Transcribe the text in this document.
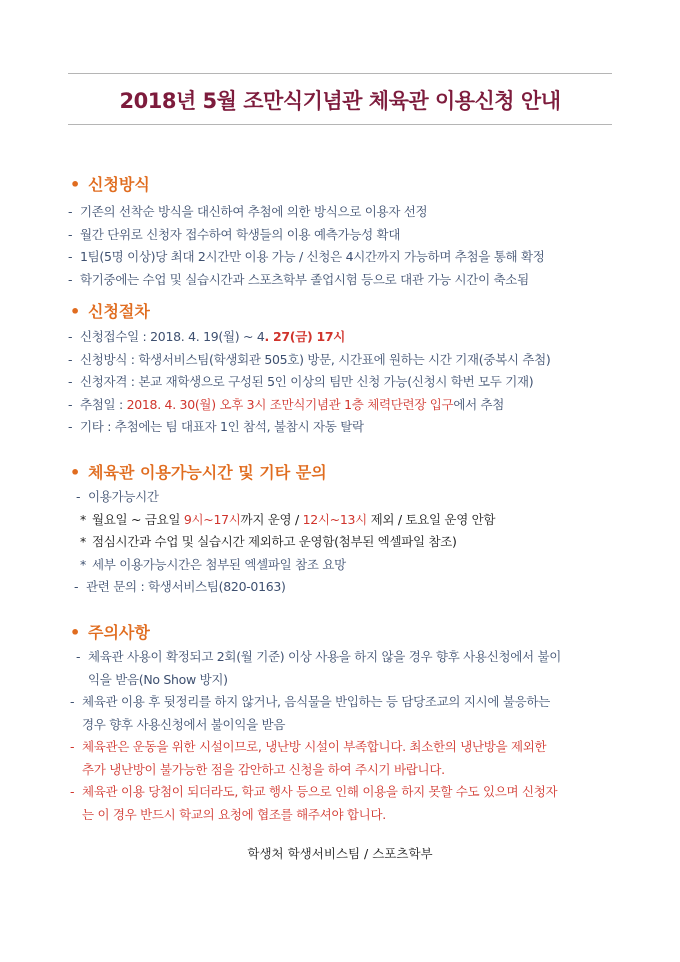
2018년 5월 조만식기념관 체육관 이용신청 안내
• 신청방식
- 기존의 선착순 방식을 대신하여 추첨에 의한 방식으로 이용자 선정
- 월간 단위로 신청자 접수하여 학생들의 이용 예측가능성 확대
- 1팀(5명 이상)당 최대 2시간만 이용 가능 / 신청은 4시간까지 가능하며 추첨을 통해 확정
- 학기중에는 수업 및 실습시간과 스포츠학부 졸업시험 등으로 대관 가능 시간이 축소됨
• 신청절차
- 신청접수일 : 2018. 4. 19(월) ~ 4. 27(금) 17시
- 신청방식 : 학생서비스팀(학생회관 505호) 방문, 시간표에 원하는 시간 기재(중복시 추첨)
- 신청자격 : 본교 재학생으로 구성된 5인 이상의 팀만 신청 가능(신청시 학번 모두 기재)
- 추첨일 : 2018. 4. 30(월) 오후 3시 조만식기념관 1층 체력단련장 입구에서 추첨
- 기타 : 추첨에는 팀 대표자 1인 참석, 불참시 자동 탈락
• 체육관 이용가능시간 및 기타 문의
- 이용가능시간
* 월요일 ~ 금요일 9시~17시까지 운영 / 12시~13시 제외 / 토요일 운영 안함
* 점심시간과 수업 및 실습시간 제외하고 운영함(첨부된 엑셀파일 참조)
* 세부 이용가능시간은 첨부된 엑셀파일 참조 요망
- 관련 문의 : 학생서비스팀(820-0163)
• 주의사항
- 체육관 사용이 확정되고 2회(월 기준) 이상 사용을 하지 않을 경우 향후 사용신청에서 불이
익을 받음(No Show 방지)
- 체육관 이용 후 뒷정리를 하지 않거나, 음식물을 반입하는 등 담당조교의 지시에 불응하는
경우 향후 사용신청에서 불이익을 받음
- 체육관은 운동을 위한 시설이므로, 냉난방 시설이 부족합니다. 최소한의 냉난방을 제외한
추가 냉난방이 불가능한 점을 감안하고 신청을 하여 주시기 바랍니다.
- 체육관 이용 당첨이 되더라도, 학교 행사 등으로 인해 이용을 하지 못할 수도 있으며 신청자
는 이 경우 반드시 학교의 요청에 협조를 해주셔야 합니다.
학생처 학생서비스팀 / 스포츠학부
